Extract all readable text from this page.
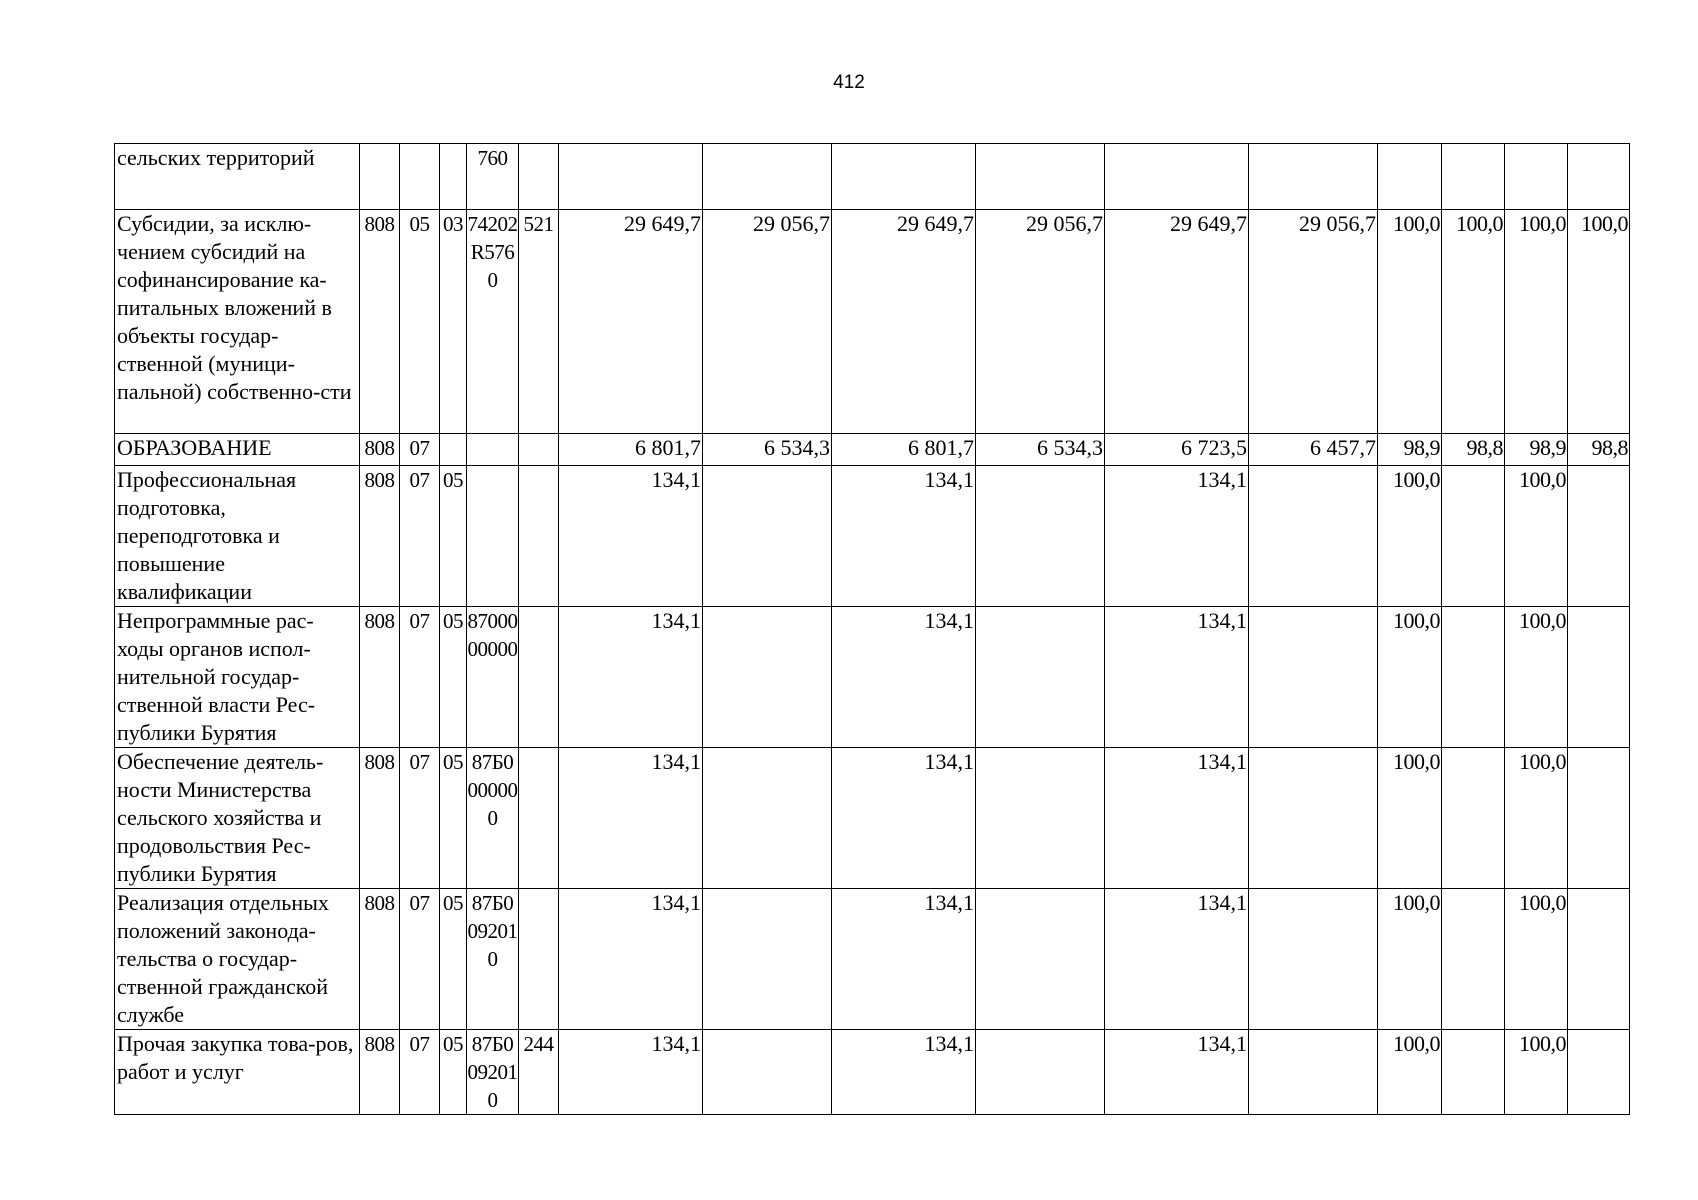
412
сельских территорий				760											
Субсидии, за исклю-чением субсидий на софинансирование ка-питальных вложений в объекты государ-ственной (муници-пальной) собственно-сти	808	05	03	74202R5760	521	29 649,7	29 056,7	29 649,7	29 056,7	29 649,7	29 056,7	100,0	100,0	100,0	100,0
ОБРАЗОВАНИЕ	808	07				6 801,7	6 534,3	6 801,7	6 534,3	6 723,5	6 457,7	98,9	98,8	98,9	98,8
Профессиональная подготовка, переподготовка и повышение квалификации	808	07	05			134,1		134,1		134,1		100,0		100,0	
Непрограммные рас-ходы органов испол-нительной государ-ственной власти Рес-публики Бурятия	808	07	05	8700000000		134,1		134,1		134,1		100,0		100,0	
Обеспечение деятель-ности Министерства сельского хозяйства и продовольствия Рес-публики Бурятия	808	07	05	87Б0000000		134,1		134,1		134,1		100,0		100,0	
Реализация отдельных положений законода-тельства о государ-ственной гражданской службе	808	07	05	87Б0092010		134,1		134,1		134,1		100,0		100,0	
Прочая закупка това-ров, работ и услуг	808	07	05	87Б0092010	244	134,1		134,1		134,1		100,0		100,0	
